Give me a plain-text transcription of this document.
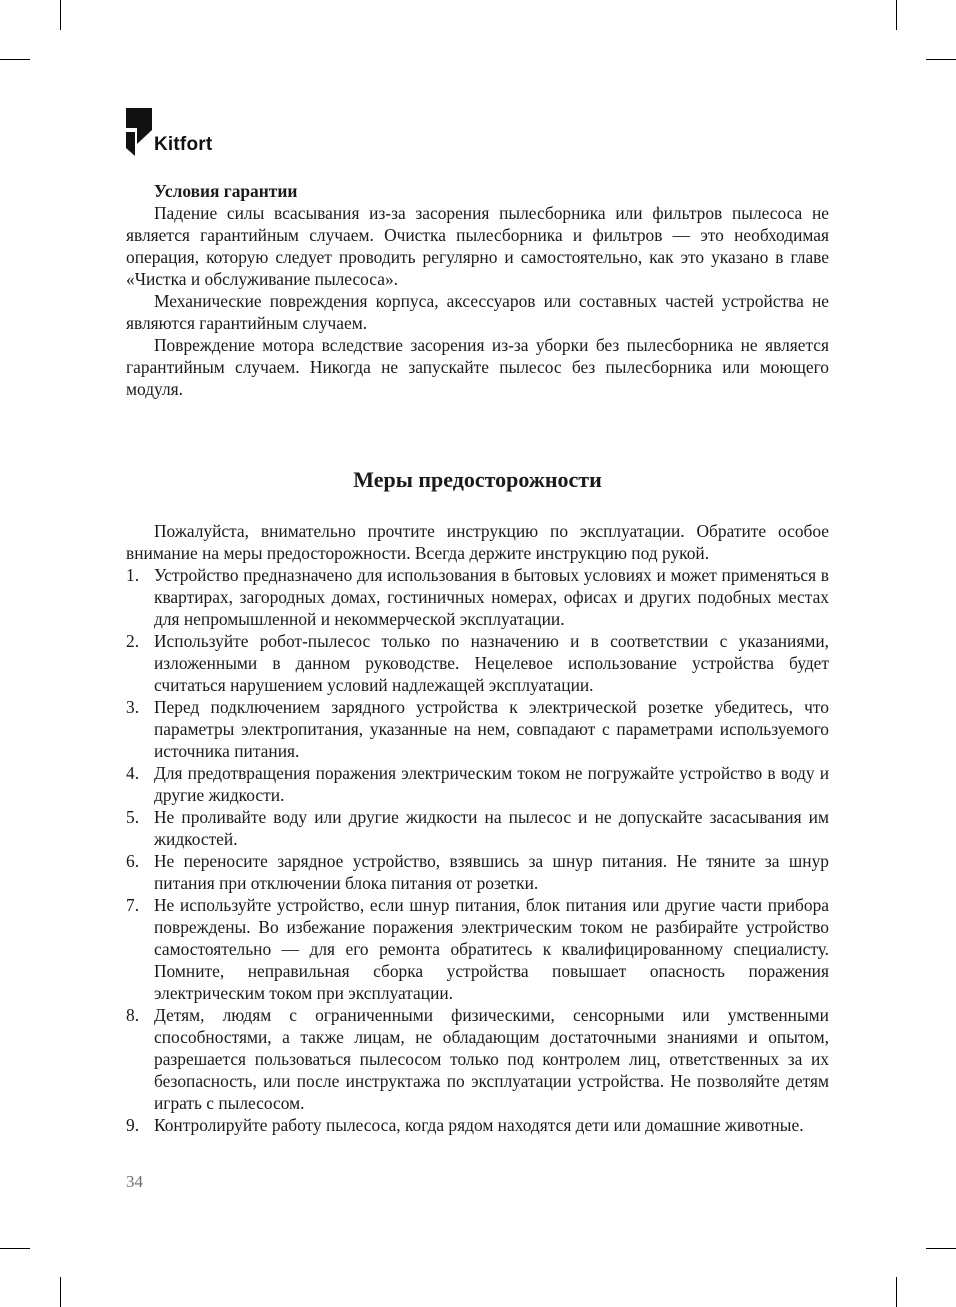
Kitfort

Условия гарантии

Падение силы всасывания из-за засорения пылесборника или фильтров пылесоса не является гарантийным случаем. Очистка пылесборника и фильтров — это необходимая операция, которую следует проводить регулярно и самостоятельно, как это указано в главе «Чистка и обслуживание пылесоса».

Механические повреждения корпуса, аксессуаров или составных частей устройства не являются гарантийным случаем.

Повреждение мотора вследствие засорения из-за уборки без пылесборника не является гарантийным случаем. Никогда не запускайте пылесос без пылесборника или моющего модуля.

Меры предосторожности

Пожалуйста, внимательно прочтите инструкцию по эксплуатации. Обратите особое внимание на меры предосторожности. Всегда держите инструкцию под рукой.

1. Устройство предназначено для использования в бытовых условиях и может применяться в квартирах, загородных домах, гостиничных номерах, офисах и других подобных местах для непромышленной и некоммерческой эксплуатации.
2. Используйте робот-пылесос только по назначению и в соответствии с указаниями, изложенными в данном руководстве. Нецелевое использование устройства будет считаться нарушением условий надлежащей эксплуатации.
3. Перед подключением зарядного устройства к электрической розетке убедитесь, что параметры электропитания, указанные на нем, совпадают с параметрами используемого источника питания.
4. Для предотвращения поражения электрическим током не погружайте устройство в воду и другие жидкости.
5. Не проливайте воду или другие жидкости на пылесос и не допускайте засасывания им жидкостей.
6. Не переносите зарядное устройство, взявшись за шнур питания. Не тяните за шнур питания при отключении блока питания от розетки.
7. Не используйте устройство, если шнур питания, блок питания или другие части прибора повреждены. Во избежание поражения электрическим током не разбирайте устройство самостоятельно — для его ремонта обратитесь к квалифицированному специалисту. Помните, неправильная сборка устройства повышает опасность поражения электрическим током при эксплуатации.
8. Детям, людям с ограниченными физическими, сенсорными или умственными способностями, а также лицам, не обладающим достаточными знаниями и опытом, разрешается пользоваться пылесосом только под контролем лиц, ответственных за их безопасность, или после инструктажа по эксплуатации устройства. Не позволяйте детям играть с пылесосом.
9. Контролируйте работу пылесоса, когда рядом находятся дети или домашние животные.
34
